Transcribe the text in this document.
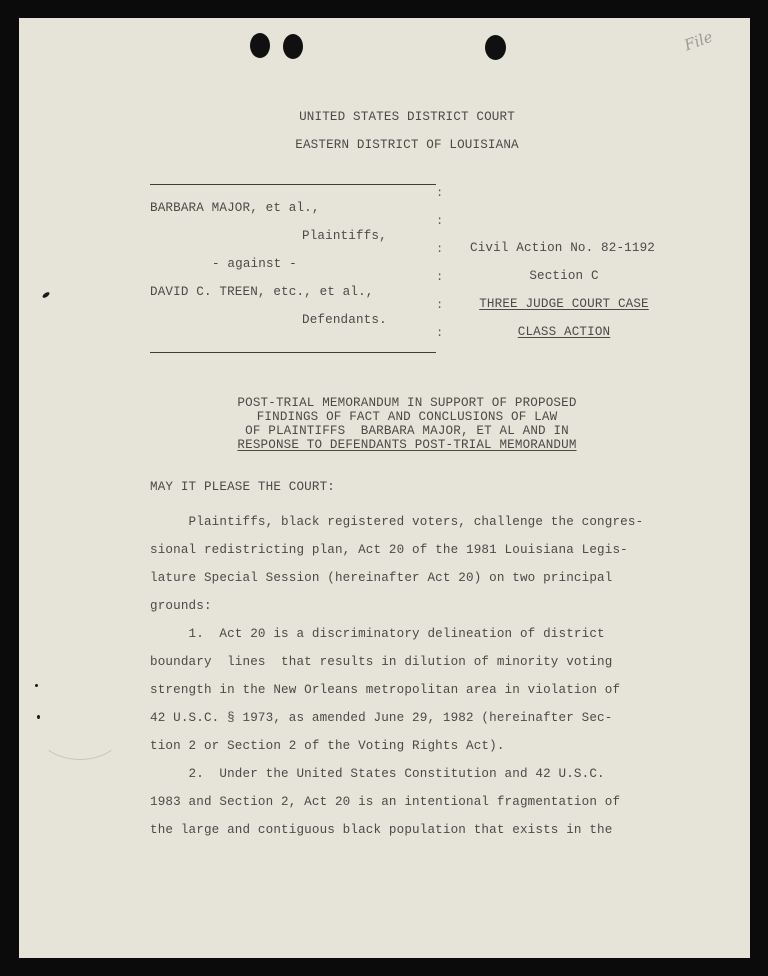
File
UNITED STATES DISTRICT COURT
EASTERN DISTRICT OF LOUISIANA
:
:
:
:
:
:
BARBARA MAJOR, et al.,
Plaintiffs,
- against -
DAVID C. TREEN, etc., et al.,
Defendants.
Civil Action No. 82-1192
Section C
THREE JUDGE COURT CASE
CLASS ACTION
POST-TRIAL MEMORANDUM IN SUPPORT OF PROPOSED
FINDINGS OF FACT AND CONCLUSIONS OF LAW
OF PLAINTIFFS  BARBARA MAJOR, ET AL AND IN
RESPONSE TO DEFENDANTS POST-TRIAL MEMORANDUM
MAY IT PLEASE THE COURT:
Plaintiffs, black registered voters, challenge the congres-
sional redistricting plan, Act 20 of the 1981 Louisiana Legis-
lature Special Session (hereinafter Act 20) on two principal
grounds:
1.  Act 20 is a discriminatory delineation of district
boundary  lines  that results in dilution of minority voting
strength in the New Orleans metropolitan area in violation of
42 U.S.C. § 1973, as amended June 29, 1982 (hereinafter Sec-
tion 2 or Section 2 of the Voting Rights Act).
2.  Under the United States Constitution and 42 U.S.C.
1983 and Section 2, Act 20 is an intentional fragmentation of
the large and contiguous black population that exists in the
